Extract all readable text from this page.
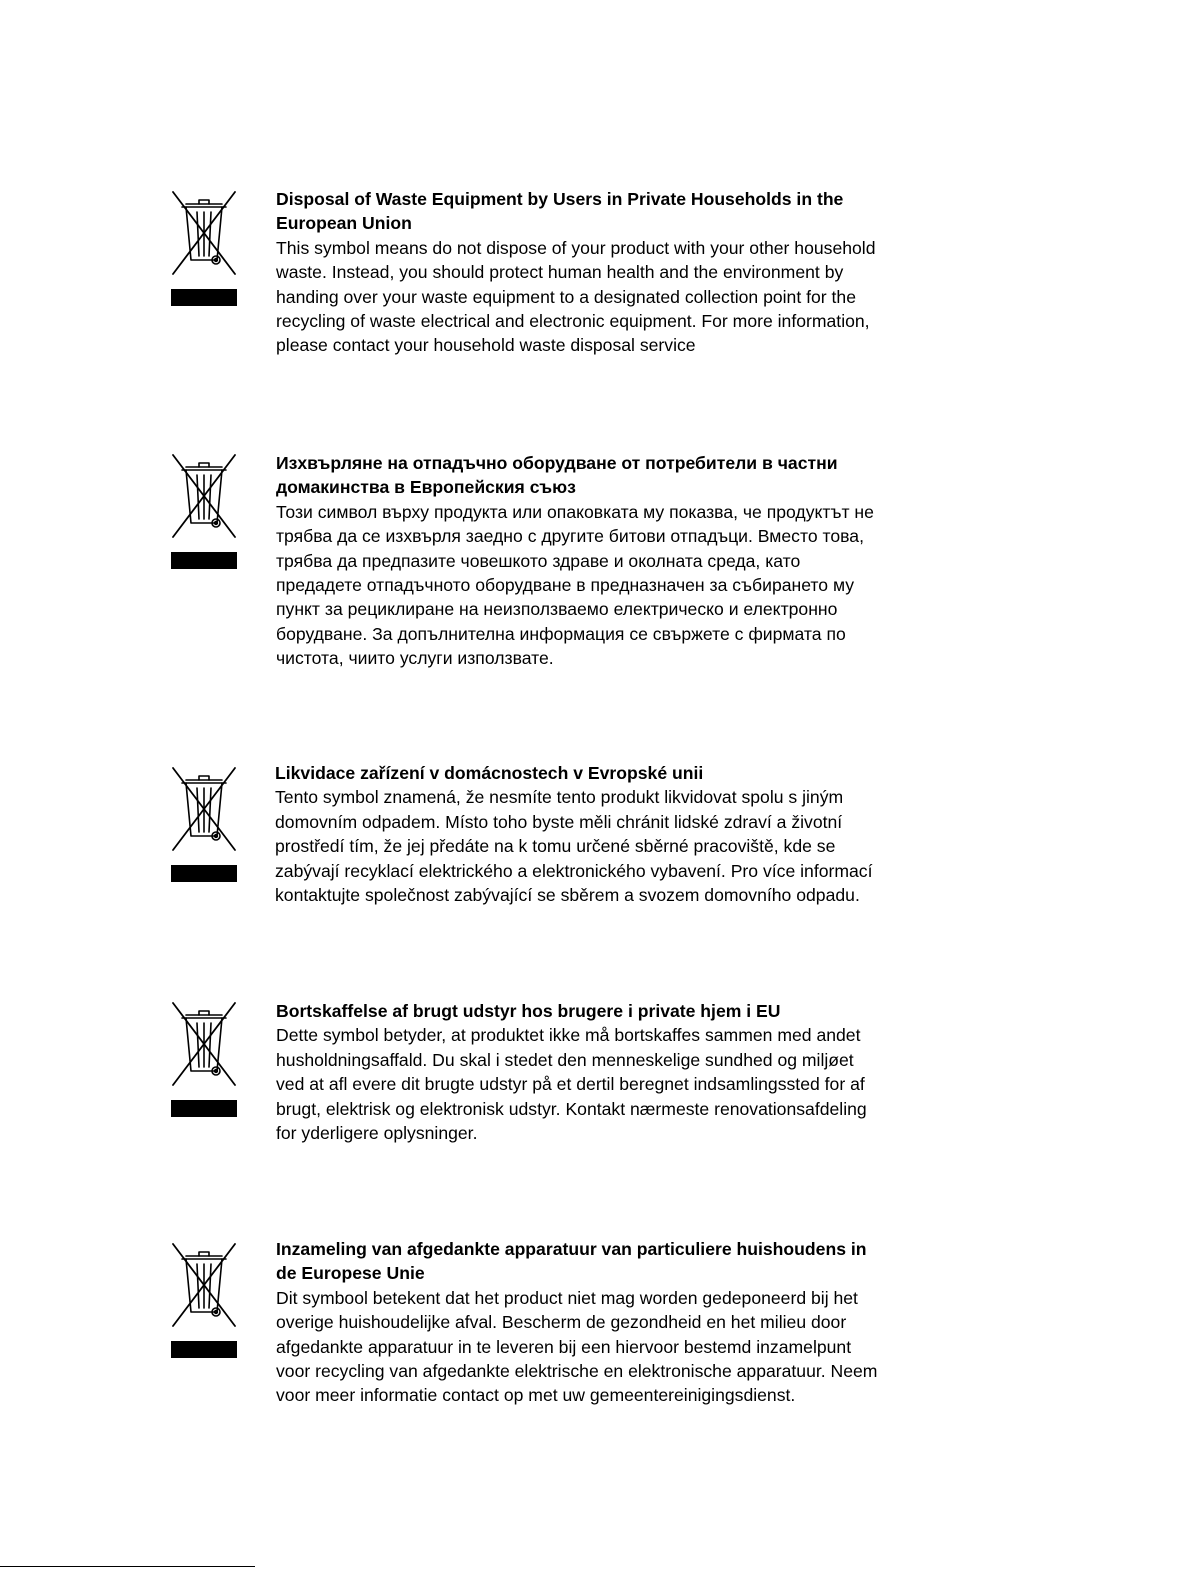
Disposal of Waste Equipment by Users in Private Households in the
European Union

This symbol means do not dispose of your product with your other household
waste. Instead, you should protect human health and the environment by
handing over your waste equipment to a designated collection point for the
recycling of waste electrical and electronic equipment. For more information,
please contact your household waste disposal service

Изхвърляне на отпадъчно оборудване от потребители в частни
домакинства в Европейския съюз

Този символ върху продукта или опаковката му показва, че продуктът не
трябва да се изхвърля заедно с другите битови отпадъци. Вместо това,
трябва да предпазите човешкото здраве и околната среда, като
предадете отпадъчното оборудване в предназначен за събирането му
пункт за рециклиране на неизползваемо електрическо и електронно
борудване. За допълнителна информация се свържете с фирмата по
чистота, чиито услуги използвате.

Likvidace zařízení v domácnostech v Evropské unii

Tento symbol znamená, že nesmíte tento produkt likvidovat spolu s jiným
domovním odpadem. Místo toho byste měli chránit lidské zdraví a životní
prostředí tím, že jej předáte na k tomu určené sběrné pracoviště, kde se
zabývají recyklací elektrického a elektronického vybavení. Pro více informací
kontaktujte společnost zabývající se sběrem a svozem domovního odpadu.

Bortskaffelse af brugt udstyr hos brugere i private hjem i EU

Dette symbol betyder, at produktet ikke må bortskaffes sammen med andet
husholdningsaffald. Du skal i stedet den menneskelige sundhed og miljøet
ved at afl evere dit brugte udstyr på et dertil beregnet indsamlingssted for af
brugt, elektrisk og elektronisk udstyr. Kontakt nærmeste renovationsafdeling
for yderligere oplysninger.

Inzameling van afgedankte apparatuur van particuliere huishoudens in
de Europese Unie

Dit symbool betekent dat het product niet mag worden gedeponeerd bij het
overige huishoudelijke afval. Bescherm de gezondheid en het milieu door
afgedankte apparatuur in te leveren bij een hiervoor bestemd inzamelpunt
voor recycling van afgedankte elektrische en elektronische apparatuur. Neem
voor meer informatie contact op met uw gemeentereinigingsdienst.
